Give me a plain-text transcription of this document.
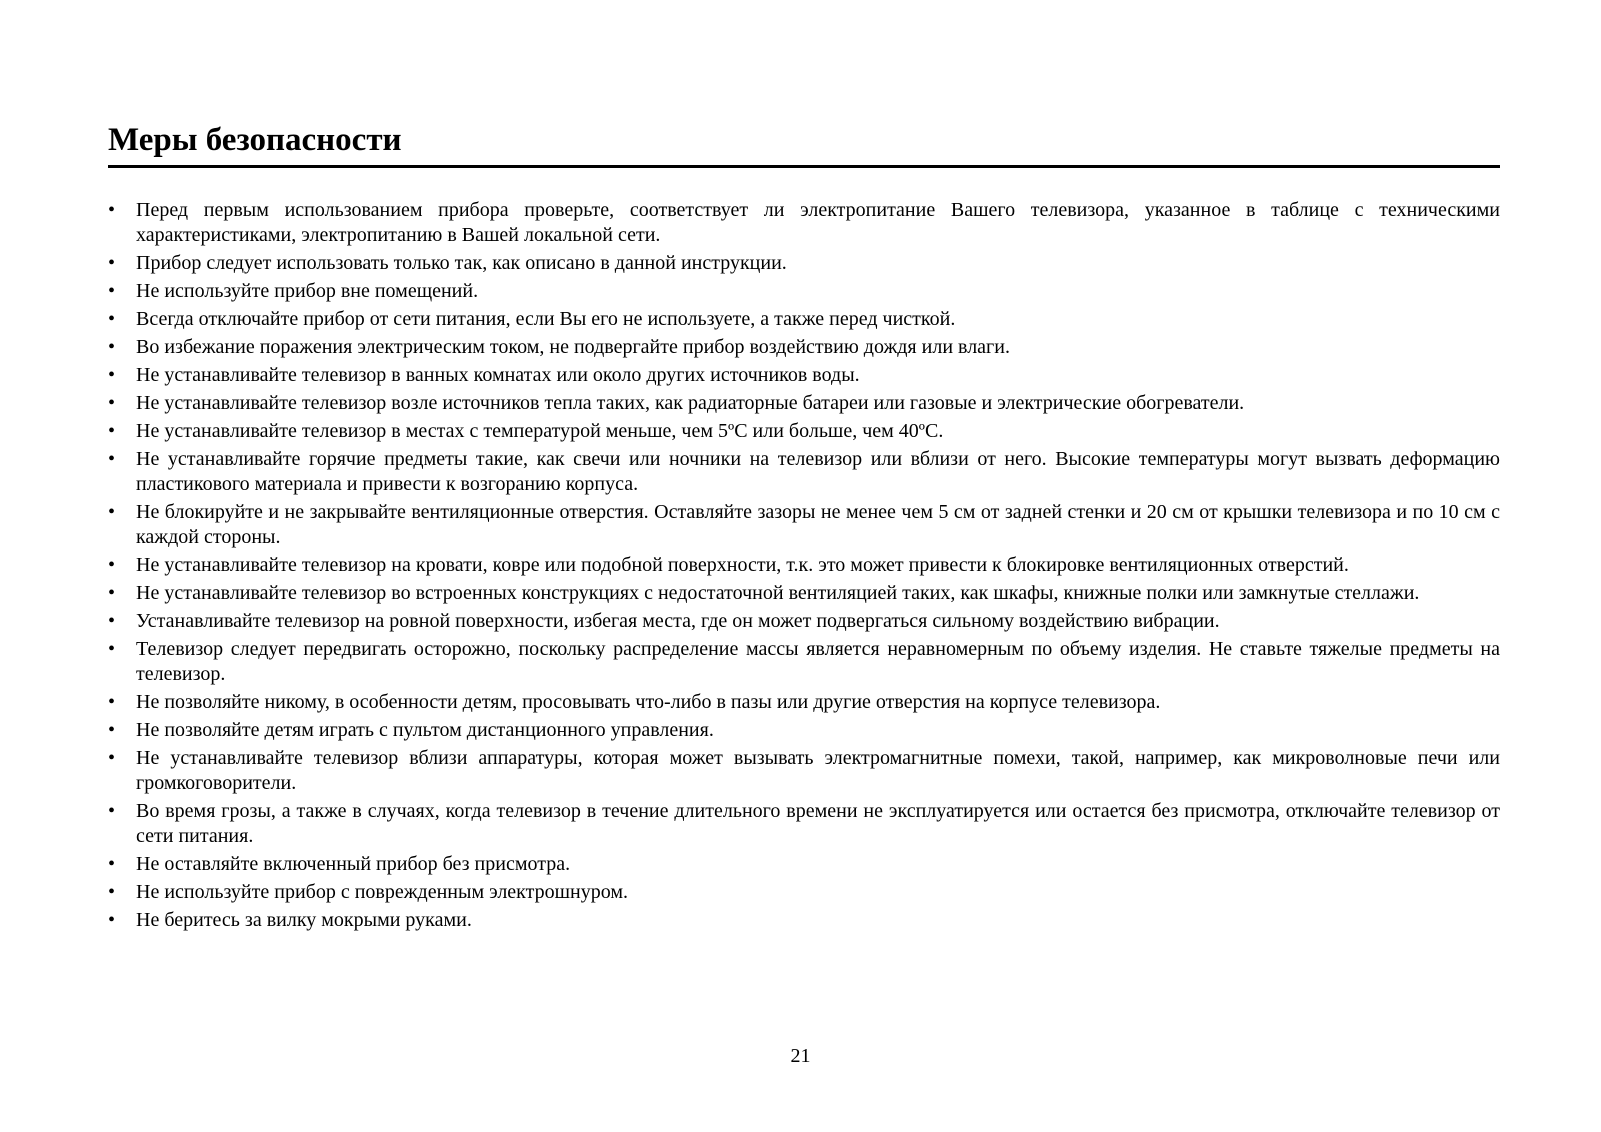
Меры безопасности
• Перед первым использованием прибора проверьте, соответствует ли электропитание Вашего телевизора, указанное в таблице с техническими характеристиками, электропитанию в Вашей локальной сети.
• Прибор следует использовать только так, как описано в данной инструкции.
• Не используйте прибор вне помещений.
• Всегда отключайте прибор от сети питания, если Вы его не используете, а также перед чисткой.
• Во избежание поражения электрическим током, не подвергайте прибор воздействию дождя или влаги.
• Не устанавливайте телевизор в ванных комнатах или около других источников воды.
• Не устанавливайте телевизор возле источников тепла таких, как радиаторные батареи или газовые и электрические обогреватели.
• Не устанавливайте телевизор в местах с температурой меньше, чем 5ºС или больше, чем 40ºС.
• Не устанавливайте горячие предметы такие, как свечи или ночники на телевизор или вблизи от него. Высокие температуры могут вызвать деформацию пластикового материала и привести к возгоранию корпуса.
• Не блокируйте и не закрывайте вентиляционные отверстия. Оставляйте зазоры не менее чем 5 см от задней стенки и 20 см от крышки телевизора и по 10 см с каждой стороны.
• Не устанавливайте телевизор на кровати, ковре или подобной поверхности, т.к. это может привести к блокировке вентиляционных отверстий.
• Не устанавливайте телевизор во встроенных конструкциях с недостаточной вентиляцией таких, как шкафы, книжные полки или замкнутые стеллажи.
• Устанавливайте телевизор на ровной поверхности, избегая места, где он может подвергаться сильному воздействию вибрации.
• Телевизор следует передвигать осторожно, поскольку распределение массы является неравномерным по объему изделия. Не ставьте тяжелые предметы на телевизор.
• Не позволяйте никому, в особенности детям, просовывать что-либо в пазы или другие отверстия на корпусе телевизора.
• Не позволяйте детям играть с пультом дистанционного управления.
• Не устанавливайте телевизор вблизи аппаратуры, которая может вызывать электромагнитные помехи, такой, например, как микроволновые печи или громкоговорители.
• Во время грозы, а также в случаях, когда телевизор в течение длительного времени не эксплуатируется или остается без присмотра, отключайте телевизор от сети питания.
• Не оставляйте включенный прибор без присмотра.
• Не используйте прибор с поврежденным электрошнуром.
• Не беритесь за вилку мокрыми руками.
21
